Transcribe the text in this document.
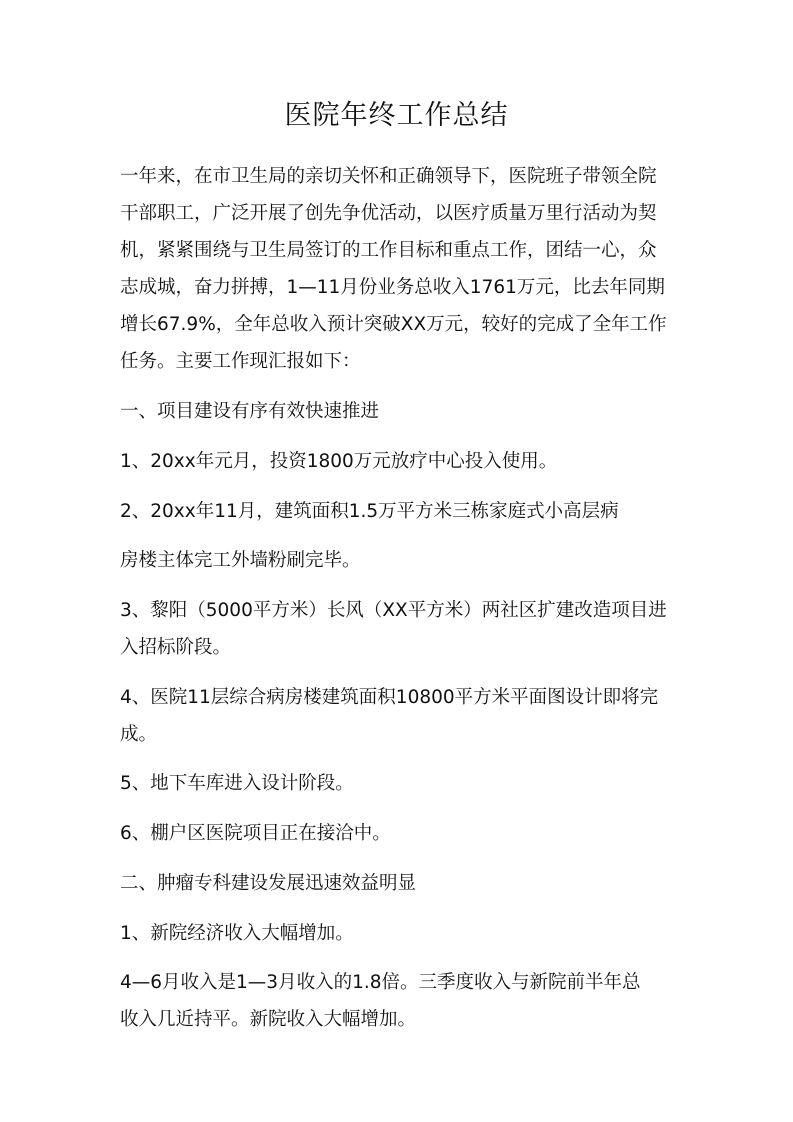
医院年终工作总结

一年来，在市卫生局的亲切关怀和正确领导下，医院班子带领全院

干部职工，广泛开展了创先争优活动，以医疗质量万里行活动为契

机，紧紧围绕与卫生局签订的工作目标和重点工作，团结一心，众

志成城，奋力拼搏，1—11月份业务总收入1761万元，比去年同期

增长67.9%，全年总收入预计突破XX万元，较好的完成了全年工作

任务。主要工作现汇报如下：

一、项目建设有序有效快速推进

1、20xx年元月，投资1800万元放疗中心投入使用。

2、20xx年11月，建筑面积1.5万平方米三栋家庭式小高层病

房楼主体完工外墙粉刷完毕。

3、黎阳（5000平方米）长风（XX平方米）两社区扩建改造项目进

入招标阶段。

4、医院11层综合病房楼建筑面积10800平方米平面图设计即将完

成。

5、地下车库进入设计阶段。

6、棚户区医院项目正在接洽中。

二、肿瘤专科建设发展迅速效益明显

1、新院经济收入大幅增加。

4—6月收入是1—3月收入的1.8倍。三季度收入与新院前半年总

收入几近持平。新院收入大幅增加。
